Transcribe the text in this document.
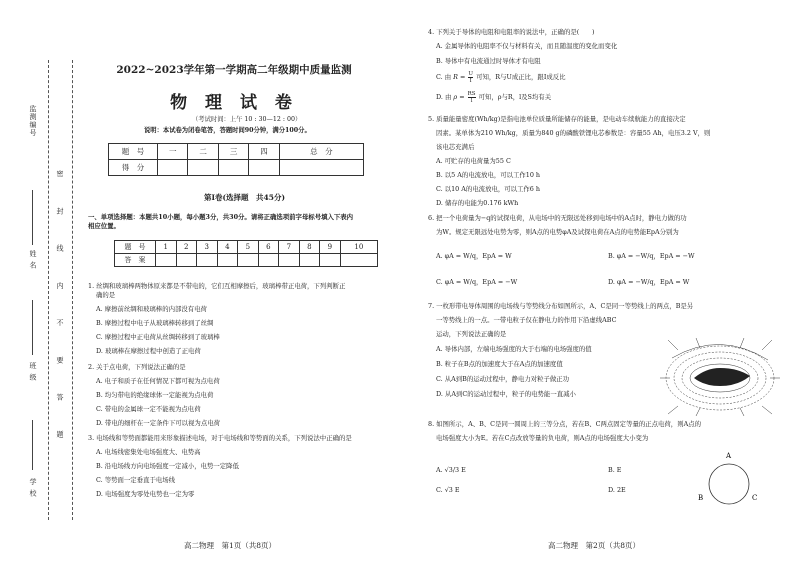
学 校
班 级
姓 名
监测编号
密 封 线 内 不 要 答 题
2022~2023学年第一学期高二年级期中质量监测
物 理 试 卷
（考试时间：上午 10 : 30—12 : 00）
说明：本试卷为闭卷笔答，答题时间90分钟，满分100分。
题　号	一	二	三	四	总　分
得　分					
第Ⅰ卷(选择题　共45分)
一、单项选择题：本题共10小题，每小题3分，共30分。请将正确选项前字母标号填入下表内
相应位置。
题　号	1	2	3	4	5	6	7	8	9	10
答　案										
1. 丝绸和玻璃棒两物体原来都是不带电的，它们互相摩擦后，玻璃棒带正电荷，下列判断正
确的是
A. 摩擦前丝绸和玻璃棒的内部没有电荷
B. 摩擦过程中电子从玻璃棒转移到了丝绸
C. 摩擦过程中正电荷从丝绸转移到了玻璃棒
D. 玻璃棒在摩擦过程中创造了正电荷
2. 关于点电荷，下列说法正确的是
A. 电子和质子在任何情况下都可视为点电荷
B. 均匀带电的绝缘球体一定能视为点电荷
C. 带电的金属球一定不能视为点电荷
D. 带电的细杆在一定条件下可以视为点电荷
3. 电场线和等势面都能用来形象描述电场，对于电场线和等势面的关系，下列说法中正确的是
A. 电场线密集处电场强度大、电势高
B. 沿电场线方向电场强度一定减小，电势一定降低
C. 等势面一定垂直于电场线
D. 电场强度为零处电势也一定为零
高二物理　第1页（共8页）
4. 下列关于导体的电阻和电阻率的说法中，正确的是(　　)
A. 金属导体的电阻率不仅与材料有关，而且随温度的变化而变化
B. 导体中有电流通过时导体才有电阻
C. 由 $R = \frac{U}{I}$ 可知，R与U成正比，跟I成反比
D. 由 $\rho = \frac{RS}{l}$ 可知，ρ与R，l及S均有关
5. 质量能量密度(Wh/kg)是指电池单位质量所能储存的能量，是电动车续航能力的直接决定
因素。某单体为210 Wh/kg，质量为840 g的磷酸铁锂电芯参数是：容量55 Ah，电压3.2 V，则
该电芯充满后
A. 可贮存的电荷量为55 C
B. 以5 A的电流放电，可以工作10 h
C. 以10 A的电流放电，可以工作6 h
D. 储存的电能为0.176 kWh
6. 把一个电荷量为−q的试探电荷，从电场中的无限远处移到电场中的A点时，静电力做的功
为W。规定无限远处电势为零，则A点的电势φA及试探电荷在A点的电势能EpA分别为
A. φA = W/q，EpA = W	B. φA = −W/q，EpA = −W
C. φA = W/q，EpA = −W	D. φA = −W/q，EpA = W
7. 一枚形带电导体周围的电场线与等势线分布如图所示，A、C是同一等势线上的两点，B是另
一等势线上的一点。一带电粒子仅在静电力的作用下沿虚线ABC
运动，下列说法正确的是
A. 导体内部，左端电场强度的大于右端的电场强度的值
B. 粒子在B点的加速度大于在A点的加速度值
C. 从A到B的运动过程中，静电力对粒子做正功
D. 从A到C的运动过程中，粒子的电势能一直减小
8. 如图所示，A、B、C是同一圆周上的三等分点，若在B、C两点固定等量的正点电荷，则A点的
电场强度大小为E。若在C点改放等量的负电荷，则A点的电场强度大小变为
A. √3/3 E	B. E
C. √3 E	D. 2E
A
B	C
高二物理　第2页（共8页）
